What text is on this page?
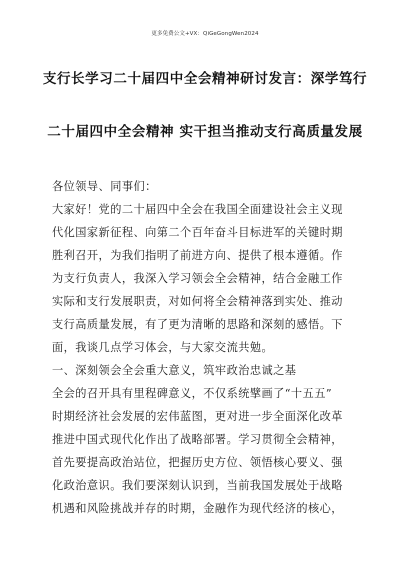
更多免费公文+VX：QiGeGongWen2024
支行长学习二十届四中全会精神研讨发言：深学笃行
二十届四中全会精神 实干担当推动支行高质量发展
各位领导、同事们：
大家好！党的二十届四中全会在我国全面建设社会主义现
代化国家新征程、向第二个百年奋斗目标进军的关键时期
胜利召开，为我们指明了前进方向、提供了根本遵循。作
为支行负责人，我深入学习领会全会精神，结合金融工作
实际和支行发展职责，对如何将全会精神落到实处、推动
支行高质量发展，有了更为清晰的思路和深刻的感悟。下
面，我谈几点学习体会，与大家交流共勉。
一、深刻领会全会重大意义，筑牢政治忠诚之基
全会的召开具有里程碑意义，不仅系统擘画了“十五五”
时期经济社会发展的宏伟蓝图，更对进一步全面深化改革
推进中国式现代化作出了战略部署。学习贯彻全会精神，
首先要提高政治站位，把握历史方位、领悟核心要义、强
化政治意识。我们要深刻认识到，当前我国发展处于战略
机遇和风险挑战并存的时期，金融作为现代经济的核心，
